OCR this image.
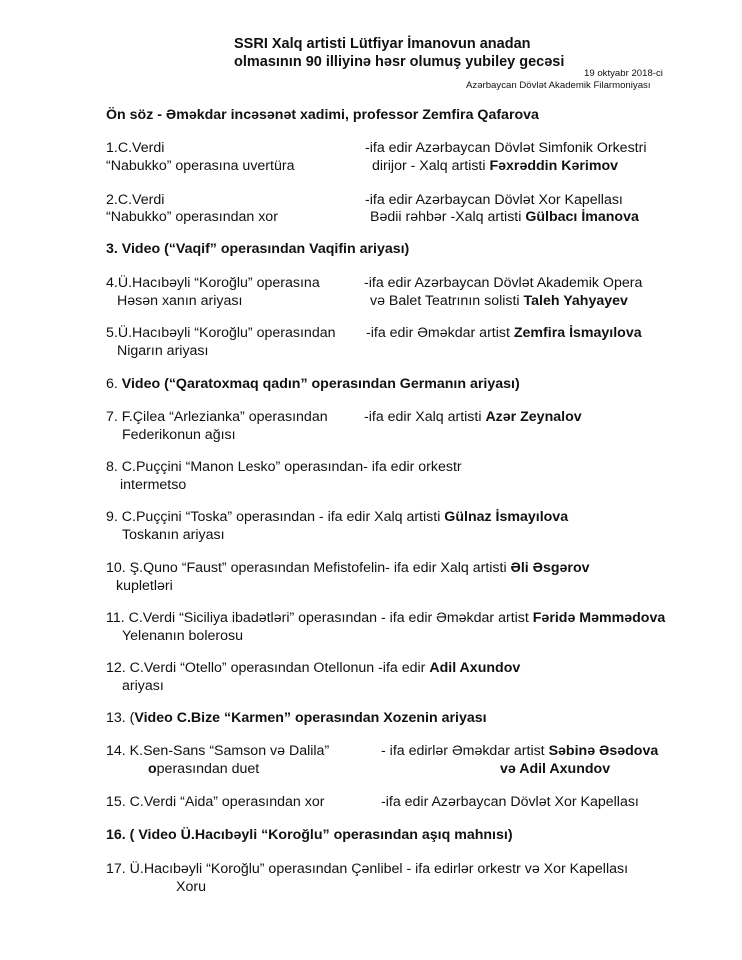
SSRI Xalq artisti Lütfiyar İmanovun anadan
olmasının 90 illiyinə həsr olumuş yubiley gecəsi
19 oktyabr 2018-ci
Azərbaycan Dövlət Akademik Filarmoniyası
Ön söz - Əməkdar incəsənət xadimi, professor Zemfira Qafarova
1.C.Verdi
“Nabukko” operasına uvertüra
-ifa edir Azərbaycan Dövlət Simfonik Orkestri
dirijor - Xalq artisti Fəxrəddin Kərimov
2.C.Verdi
“Nabukko” operasından xor
-ifa edir Azərbaycan Dövlət Xor Kapellası
Bədii rəhbər -Xalq artisti Gülbacı İmanova
3. Video (“Vaqif” operasından Vaqifin ariyası)
4.Ü.Hacıbəyli “Koroğlu” operasına
Həsən xanın ariyası
-ifa edir Azərbaycan Dövlət Akademik Opera
və Balet Teatrının solisti Taleh Yahyayev
5.Ü.Hacıbəyli “Koroğlu” operasından
Nigarın ariyası
-ifa edir Əməkdar artist Zemfira İsmayılova
6. Video (“Qaratoxmaq qadın” operasından Germanın ariyası)
7. F.Çilea “Arlezianka” operasından
Federikonun ağısı
-ifa edir Xalq artisti Azər Zeynalov
8. C.Puççini “Manon Lesko” operasından- ifa edir orkestr
intermetso
9. C.Puççini “Toska” operasından - ifa edir Xalq artisti Gülnaz İsmayılova
Toskanın ariyası
10. Ş.Quno “Faust” operasından Mefistofelin- ifa edir Xalq artisti Əli Əsgərov
kupletləri
11. C.Verdi “Siciliya ibadətləri” operasından - ifa edir Əməkdar artist Fəridə Məmmədova
Yelenanın bolerosu
12. C.Verdi “Otello” operasından Otellonun -ifa edir Adil Axundov
ariyası
13. (Video C.Bize “Karmen” operasından Xozenin ariyası
14. K.Sen-Sans “Samson və Dalila”
operasından duet
- ifa edirlər Əməkdar artist Səbinə Əsədova
və Adil Axundov
15. C.Verdi “Aida” operasından xor	-ifa edir Azərbaycan Dövlət Xor Kapellası
16. ( Video Ü.Hacıbəyli “Koroğlu” operasından aşıq mahnısı)
17. Ü.Hacıbəyli “Koroğlu” operasından Çənlibel - ifa edirlər orkestr və Xor Kapellası
Xoru
